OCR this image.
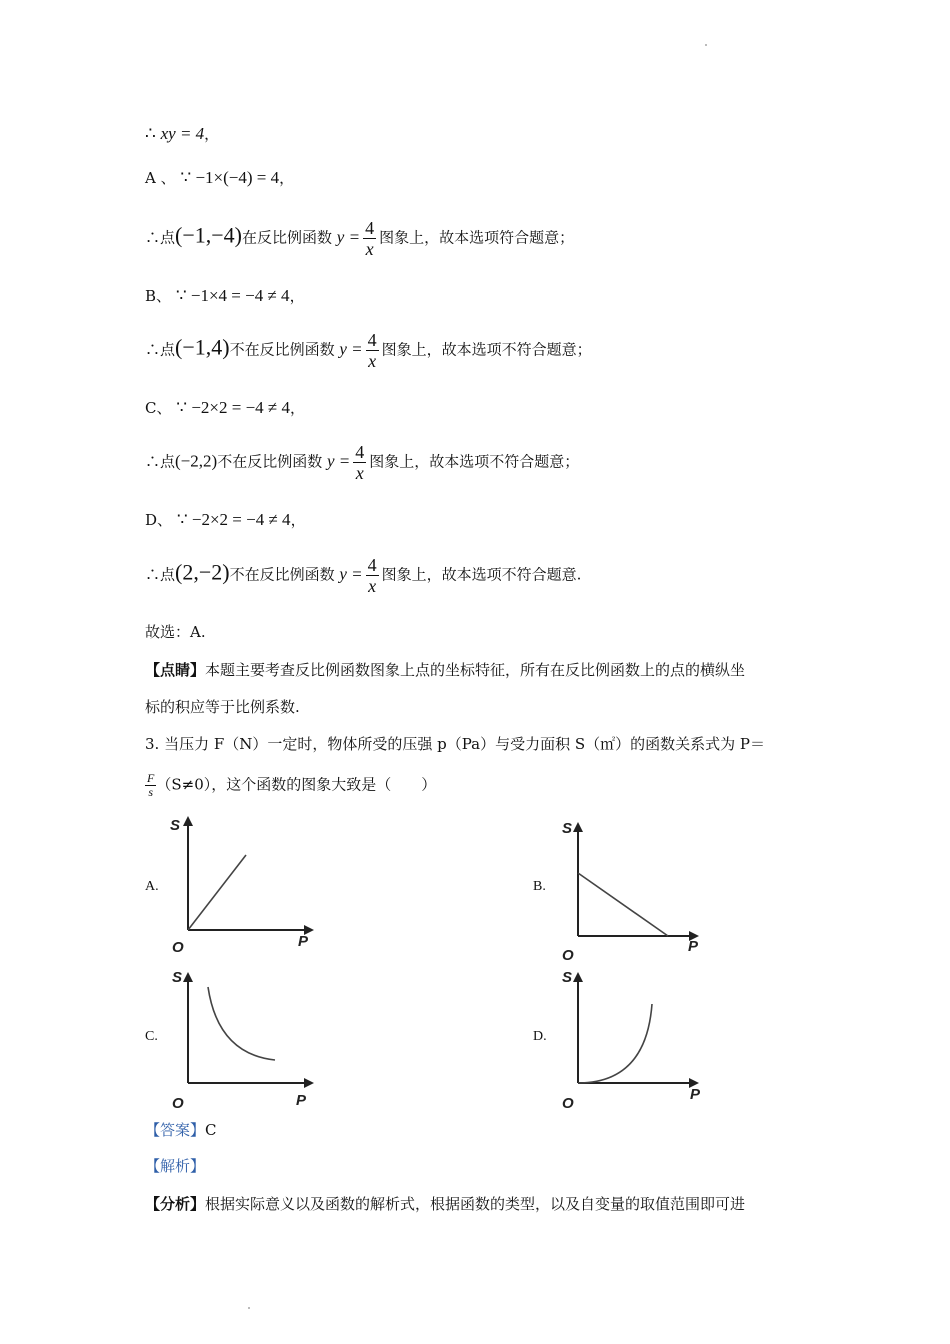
∴ xy = 4，
A 、 ∵ −1×(−4) = 4，
∴点(−1,−4)在反比例函数 $y = \frac{4}{x}$ 图象上，故本选项符合题意；
B、 ∵ −1×4 = −4 ≠ 4，
∴点(−1,4)不在反比例函数 $y = \frac{4}{x}$ 图象上，故本选项不符合题意；
C、 ∵ −2×2 = −4 ≠ 4，
∴点(−2,2)不在反比例函数 $y = \frac{4}{x}$ 图象上，故本选项不符合题意；
D、 ∵ −2×2 = −4 ≠ 4，
∴点(2,−2)不在反比例函数 $y = \frac{4}{x}$ 图象上，故本选项不符合题意.
故选：A.
【点睛】本题主要考查反比例函数图象上点的坐标特征，所有在反比例函数上的点的横纵坐
标的积应等于比例系数.
3. 当压力 F（N）一定时，物体所受的压强 p（Pa）与受力面积 S（㎡）的函数关系式为 P＝
$\frac{F}{s} (S\ne 0)$，这个函数的图象大致是（　　）
A.	B.
C.	D.
S
P
O
S
P
O
S
P
O
S
P
O
【答案】C
【解析】
【分析】根据实际意义以及函数的解析式，根据函数的类型，以及自变量的取值范围即可进
